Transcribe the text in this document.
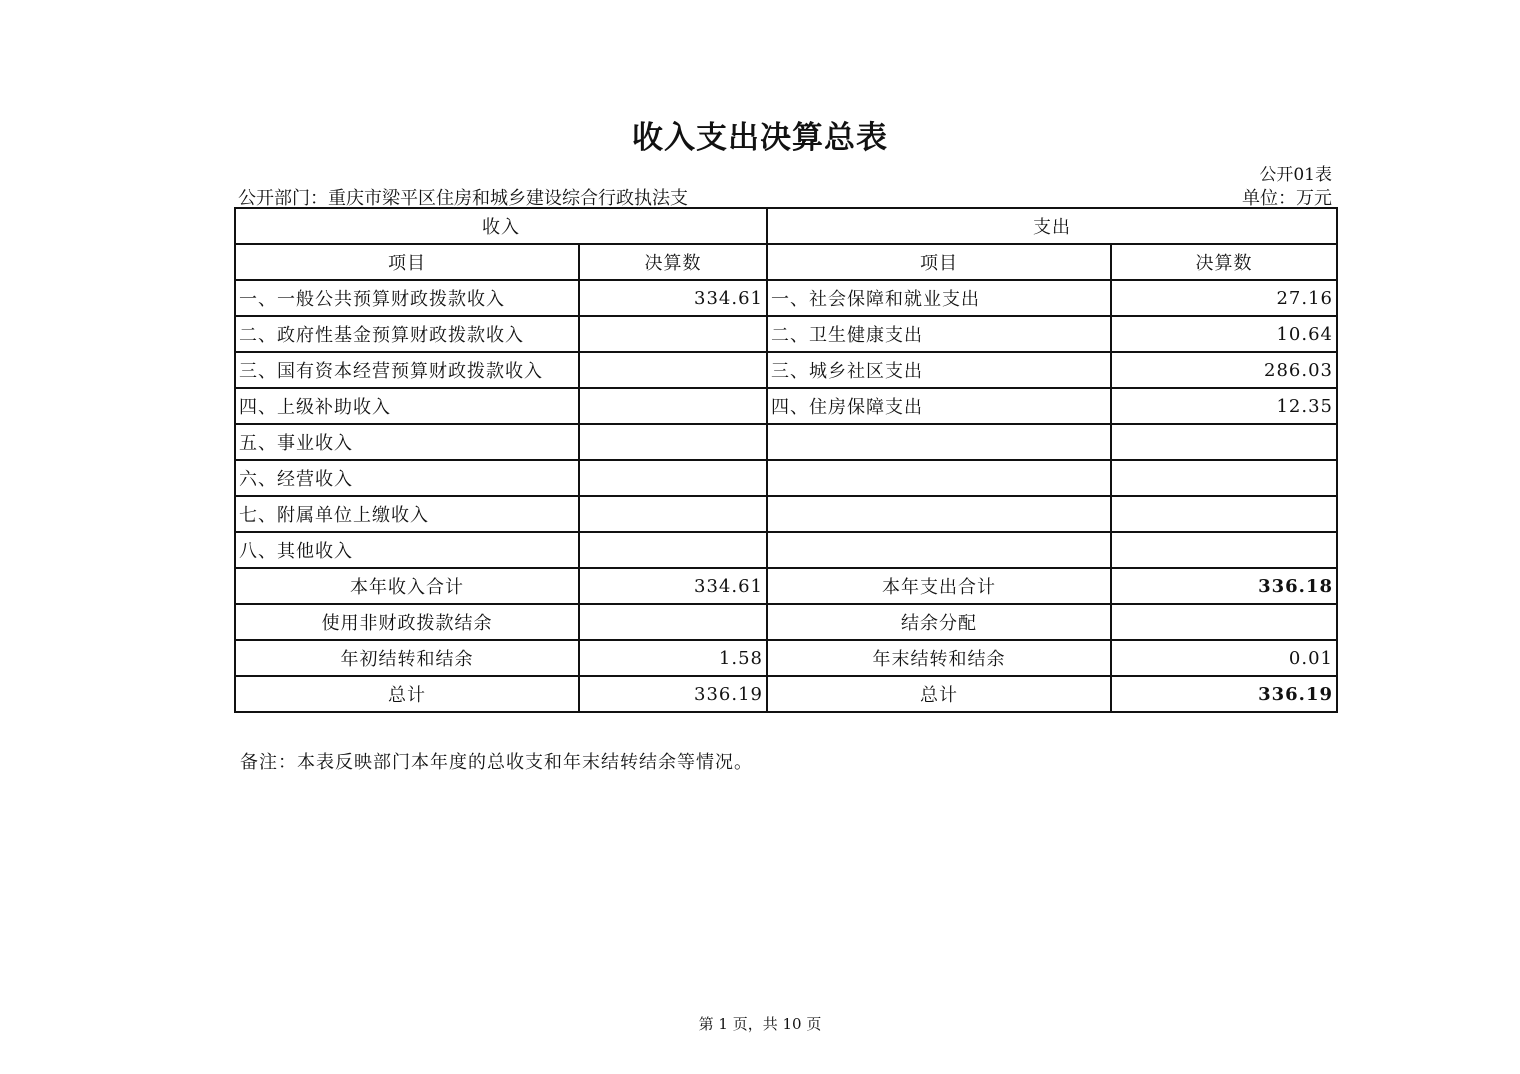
收入支出决算总表
公开01表
公开部门：重庆市梁平区住房和城乡建设综合行政执法支	单位：万元
收入		支出	
项目	决算数	项目	决算数
一、一般公共预算财政拨款收入	334.61	一、社会保障和就业支出	27.16
二、政府性基金预算财政拨款收入		二、卫生健康支出	10.64
三、国有资本经营预算财政拨款收入		三、城乡社区支出	286.03
四、上级补助收入		四、住房保障支出	12.35
五、事业收入			
六、经营收入			
七、附属单位上缴收入			
八、其他收入			
本年收入合计	334.61	本年支出合计	336.18
使用非财政拨款结余		结余分配	
年初结转和结余	1.58	年末结转和结余	0.01
总计	336.19	总计	336.19
备注：本表反映部门本年度的总收支和年末结转结余等情况。
第 1 页，共 10 页
